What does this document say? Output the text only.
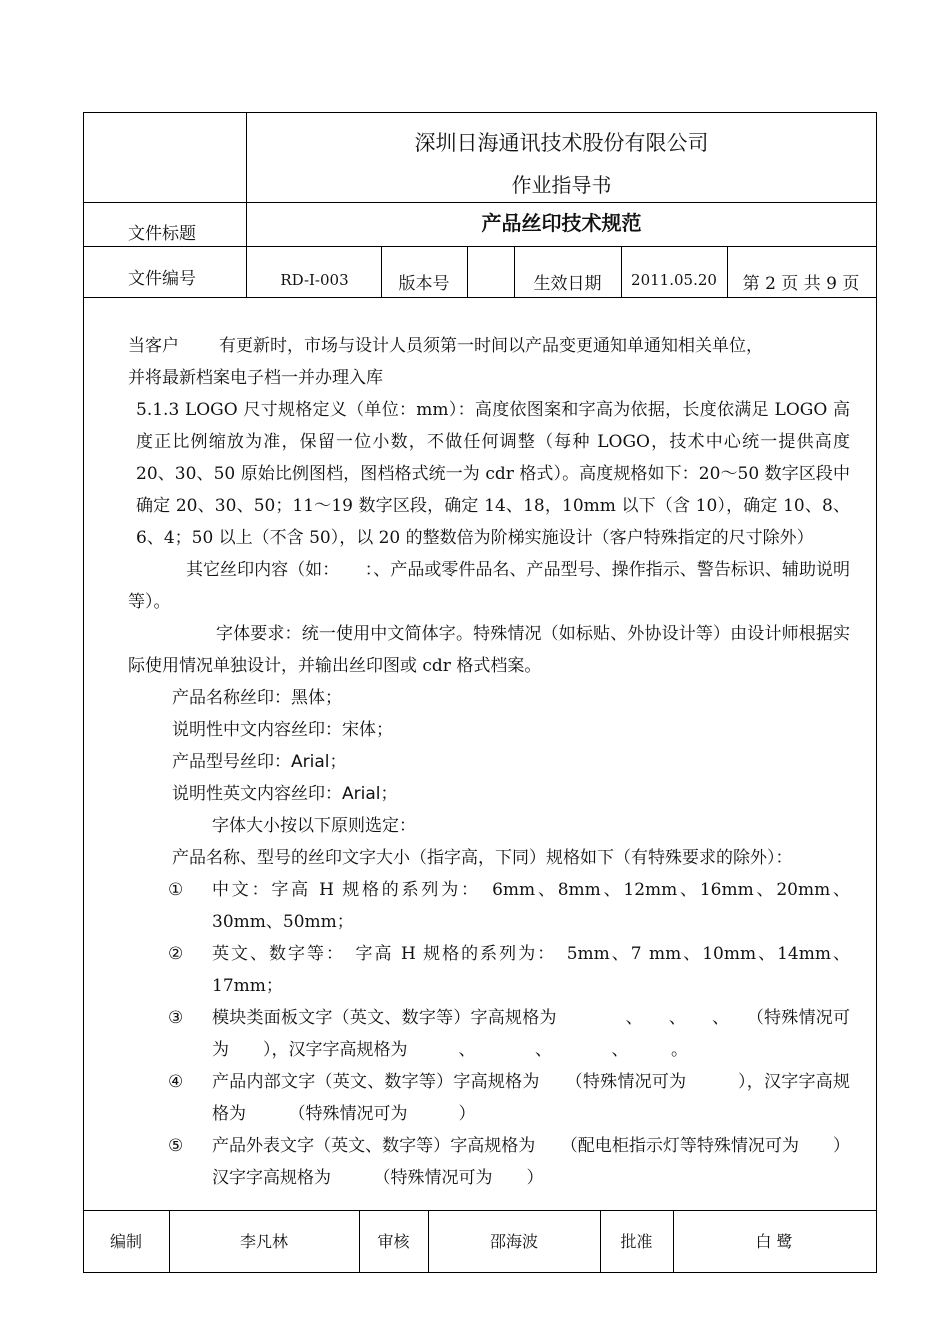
深圳日海通讯技术股份有限公司
作业指导书
文件标题	产品丝印技术规范
文件编号	RD-I-003	版本号	生效日期	2011.05.20	第 2 页 共 9 页

当客户 有更新时，市场与设计人员须第一时间以产品变更通知单通知相关单位，

并将最新档案电子档一并办理入库

5.1.3 LOGO 尺寸规格定义（单位：mm）：高度依图案和字高为依据，长度依满足 LOGO 高度正比例缩放为准，保留一位小数，不做任何调整（每种 LOGO，技术中心统一提供高度 20、30、50 原始比例图档，图档格式统一为 cdr 格式）。高度规格如下：20～50 数字区段中确定 20、30、50；11～19 数字区段，确定 14、18，10mm 以下（含 10），确定 10、8、6、4；50 以上（不含 50），以 20 的整数倍为阶梯实施设计（客户特殊指定的尺寸除外）

其它丝印内容（如：　　：、产品或零件品名、产品型号、操作指示、警告标识、辅助说明等）。

字体要求：统一使用中文简体字。特殊情况（如标贴、外协设计等）由设计师根据实际使用情况单独设计，并输出丝印图或 cdr 格式档案。

产品名称丝印：黑体；

说明性中文内容丝印：宋体；

产品型号丝印：Arial；

说明性英文内容丝印：Arial；

字体大小按以下原则选定：

产品名称、型号的丝印文字大小（指字高，下同）规格如下（有特殊要求的除外）：

①	中文：字高 H 规格的系列为：　6mm、8mm、12mm、16mm、20mm、30mm、50mm；
②	英文、数字等：　字高 H 规格的系列为：　5mm、7 mm、10mm、14mm、17mm；
③	模块类面板文字（英文、数字等）字高规格为　　　　、　　、　　、　　（特殊情况可为　　），汉字字高规格为　　　、　　　　、　　　　、　　　。
④	产品内部文字（英文、数字等）字高规格为　　（特殊情况可为　　　），汉字字高规格为　　　（特殊情况可为　　　）
⑤	产品外表文字（英文、数字等）字高规格为　　（配电柜指示灯等特殊情况可为　　）汉字字高规格为　　　（特殊情况可为　　）
编制	李凡林	审核	邵海波	批准	白 鹭
